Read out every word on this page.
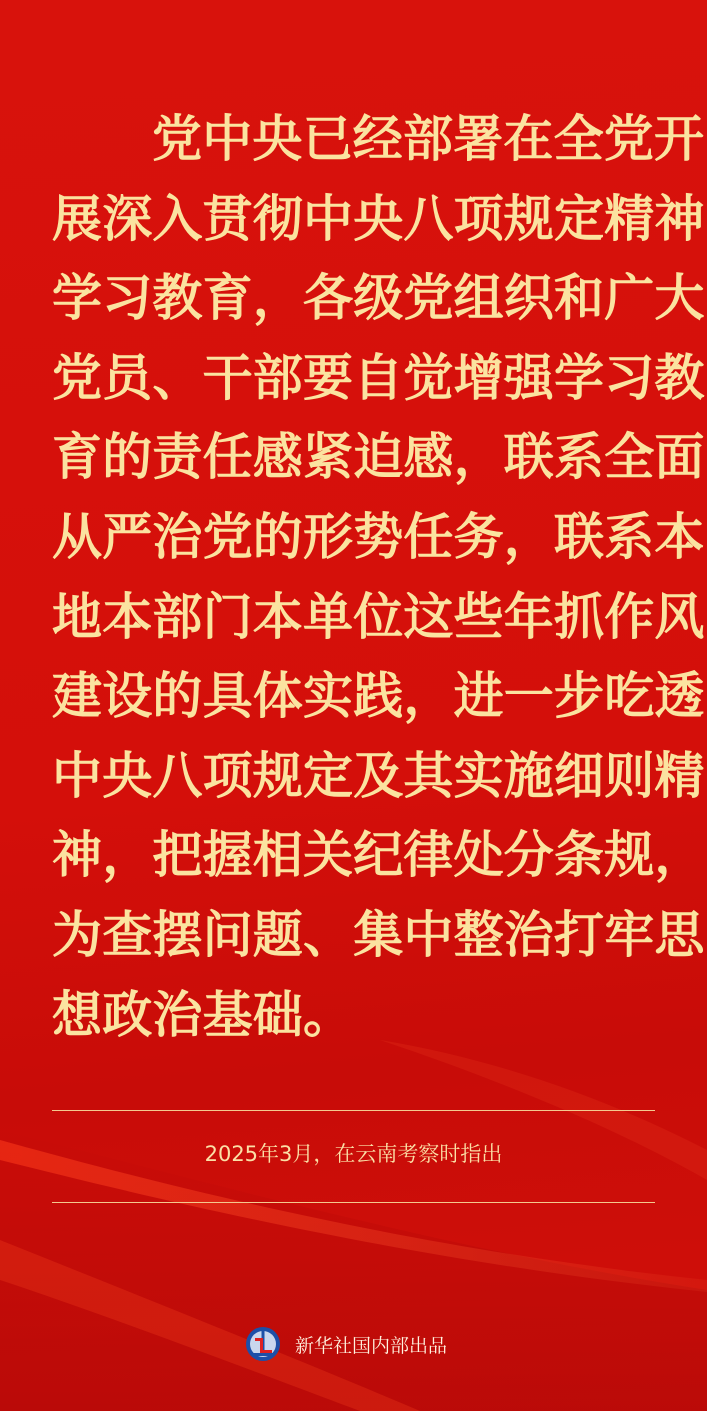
党中央已经部署在全党开
展深入贯彻中央八项规定精神
学习教育，各级党组织和广大
党员、干部要自觉增强学习教
育的责任感紧迫感，联系全面
从严治党的形势任务，联系本
地本部门本单位这些年抓作风
建设的具体实践，进一步吃透
中央八项规定及其实施细则精
神，把握相关纪律处分条规，
为查摆问题、集中整治打牢思
想政治基础。
2025年3月，在云南考察时指出
新华社国内部出品
